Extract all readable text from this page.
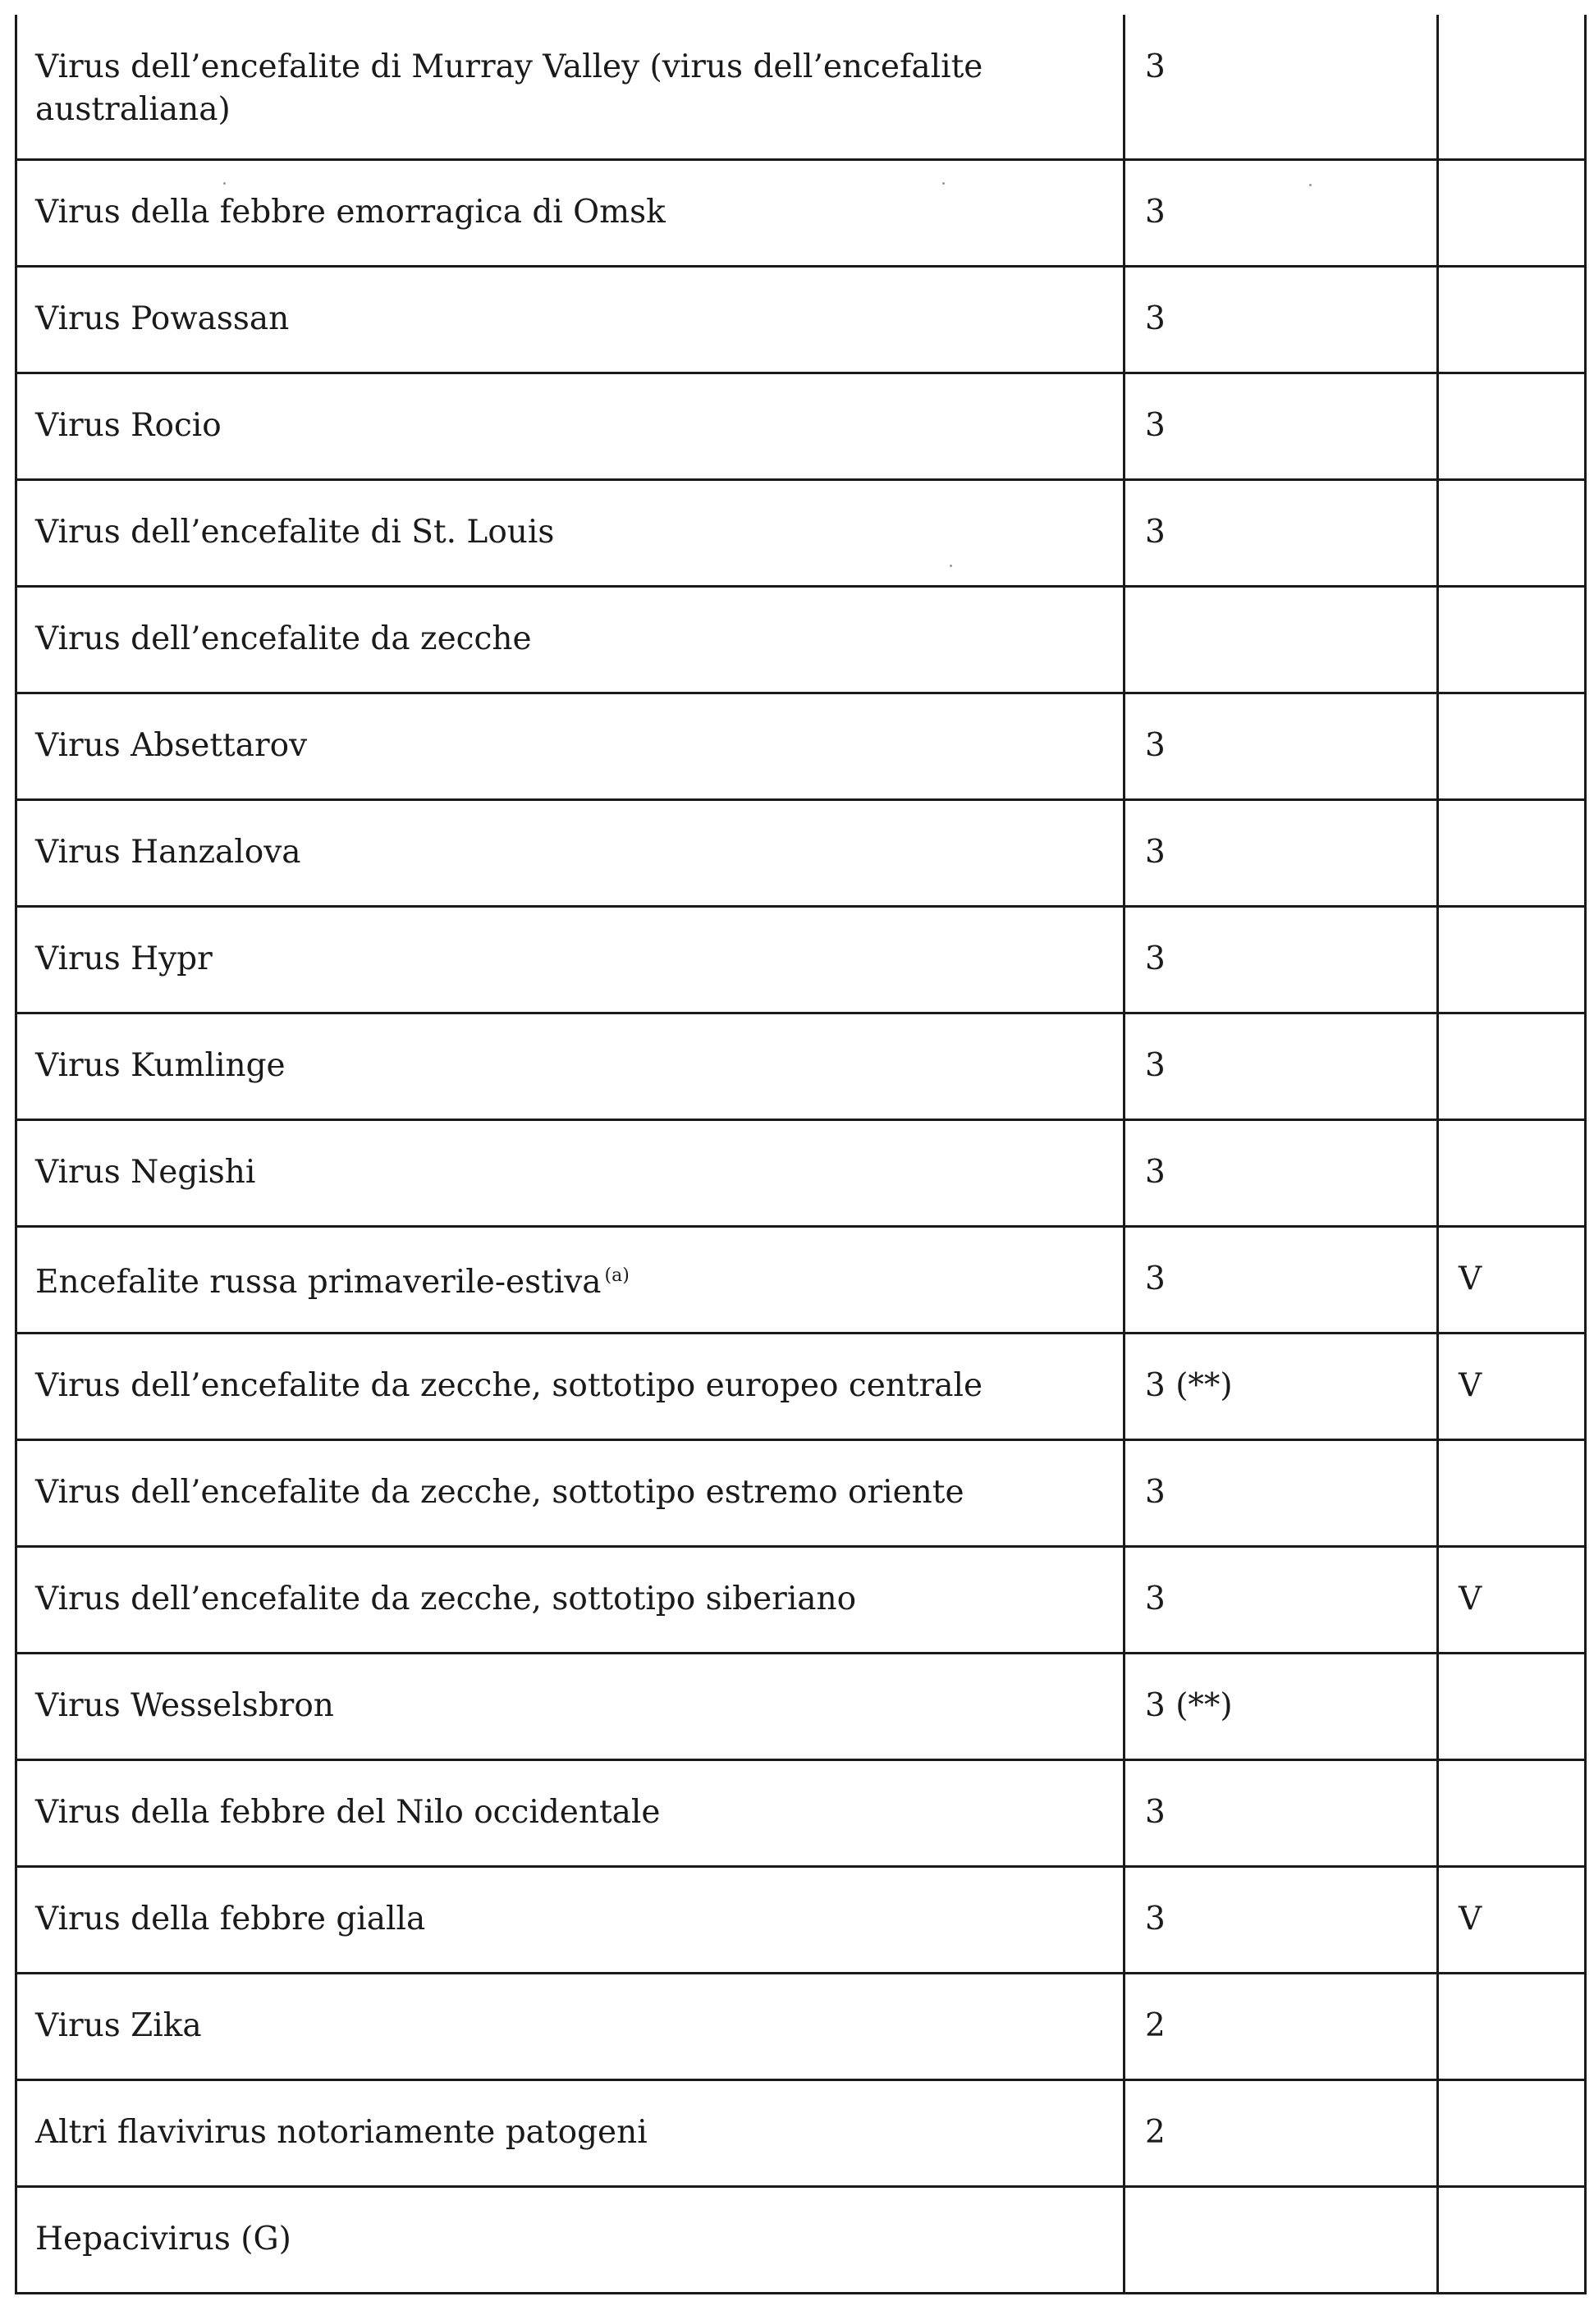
Virus dell’encefalite di Murray Valley (virus dell’encefalite australiana)	3	
Virus della febbre emorragica di Omsk	3	
Virus Powassan	3	
Virus Rocio	3	
Virus dell’encefalite di St. Louis	3	
Virus dell’encefalite da zecche		
Virus Absettarov	3	
Virus Hanzalova	3	
Virus Hypr	3	
Virus Kumlinge	3	
Virus Negishi	3	
Encefalite russa primaverile-estiva $^{(a)}$	3	V
Virus dell’encefalite da zecche, sottotipo europeo centrale	3 (**)	V
Virus dell’encefalite da zecche, sottotipo estremo oriente	3	
Virus dell’encefalite da zecche, sottotipo siberiano	3	V
Virus Wesselsbron	3 (**)	
Virus della febbre del Nilo occidentale	3	
Virus della febbre gialla	3	V
Virus Zika	2	
Altri flavivirus notoriamente patogeni	2	
Hepacivirus (G)		
